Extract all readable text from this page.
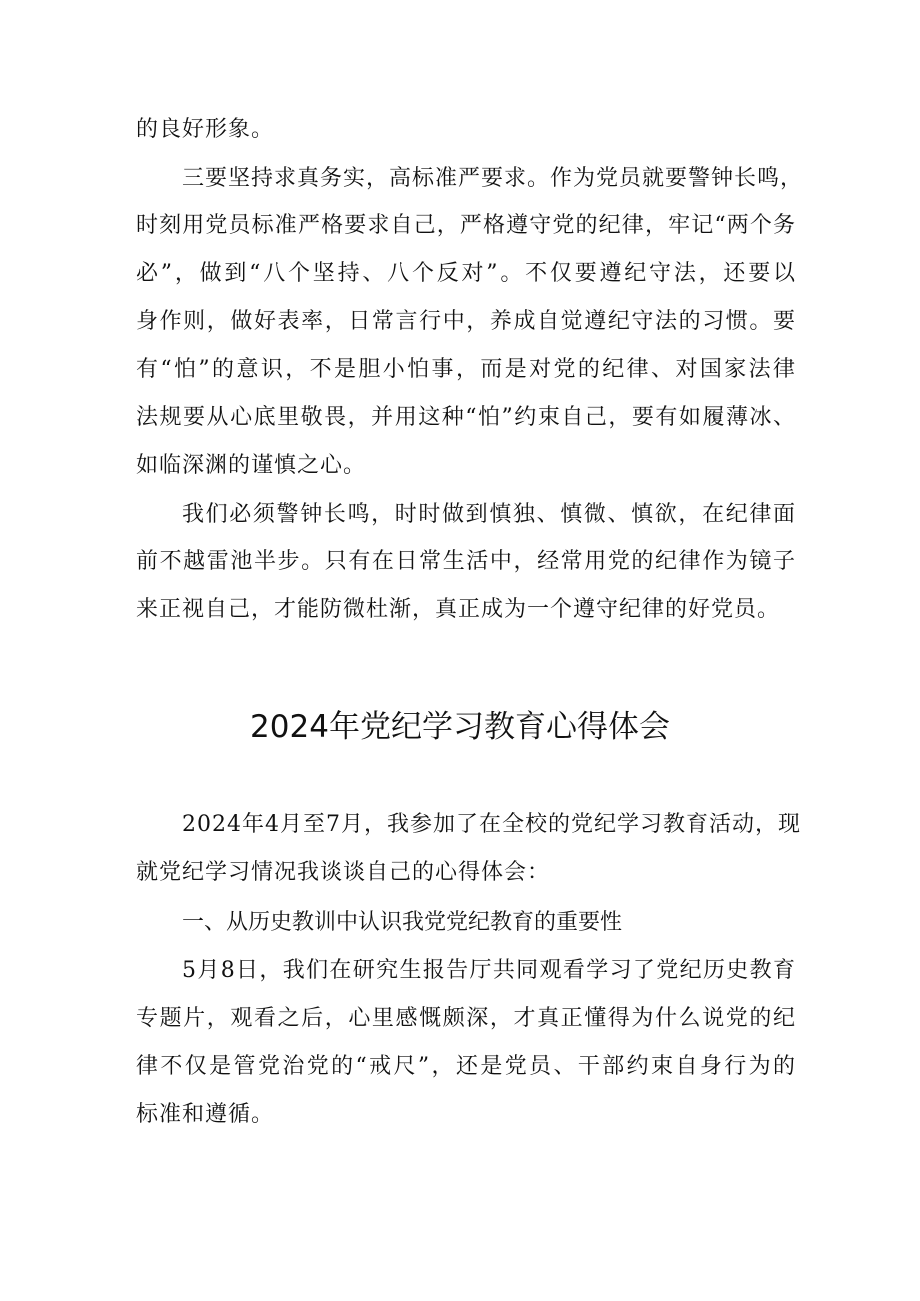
的良好形象。
三要坚持求真务实，高标准严要求。作为党员就要警钟长鸣，
时刻用党员标准严格要求自己，严格遵守党的纪律，牢记“两个务
必”，做到“八个坚持、八个反对”。不仅要遵纪守法，还要以
身作则，做好表率，日常言行中，养成自觉遵纪守法的习惯。要
有“怕”的意识，不是胆小怕事，而是对党的纪律、对国家法律
法规要从心底里敬畏，并用这种“怕”约束自己，要有如履薄冰、
如临深渊的谨慎之心。
我们必须警钟长鸣，时时做到慎独、慎微、慎欲，在纪律面
前不越雷池半步。只有在日常生活中，经常用党的纪律作为镜子
来正视自己，才能防微杜渐，真正成为一个遵守纪律的好党员。
2024年党纪学习教育心得体会
2024年4月至7月，我参加了在全校的党纪学习教育活动，现
就党纪学习情况我谈谈自己的心得体会：
一、从历史教训中认识我党党纪教育的重要性
5月8日，我们在研究生报告厅共同观看学习了党纪历史教育
专题片，观看之后，心里感慨颇深，才真正懂得为什么说党的纪
律不仅是管党治党的“戒尺”，还是党员、干部约束自身行为的
标准和遵循。
